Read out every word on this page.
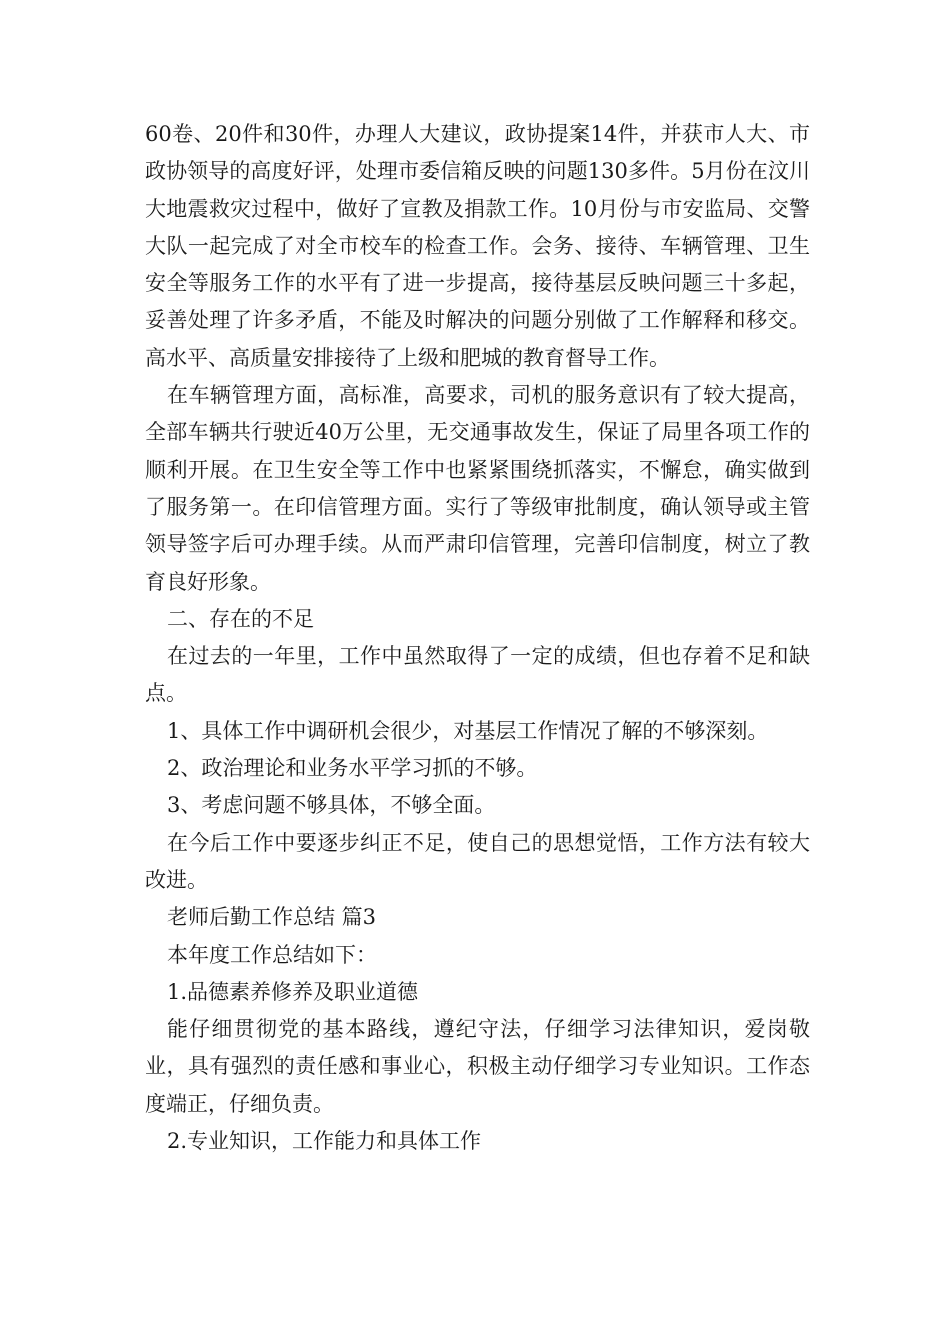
60卷、20件和30件，办理人大建议，政协提案14件，并获市人大、市政协领导的高度好评，处理市委信箱反映的问题130多件。5月份在汶川大地震救灾过程中，做好了宣教及捐款工作。10月份与市安监局、交警大队一起完成了对全市校车的检查工作。会务、接待、车辆管理、卫生安全等服务工作的水平有了进一步提高，接待基层反映问题三十多起，妥善处理了许多矛盾，不能及时解决的问题分别做了工作解释和移交。高水平、高质量安排接待了上级和肥城的教育督导工作。

在车辆管理方面，高标准，高要求，司机的服务意识有了较大提高，全部车辆共行驶近40万公里，无交通事故发生，保证了局里各项工作的顺利开展。在卫生安全等工作中也紧紧围绕抓落实，不懈怠，确实做到了服务第一。在印信管理方面。实行了等级审批制度，确认领导或主管领导签字后可办理手续。从而严肃印信管理，完善印信制度，树立了教育良好形象。

二、存在的不足

在过去的一年里，工作中虽然取得了一定的成绩，但也存着不足和缺点。

1、具体工作中调研机会很少，对基层工作情况了解的不够深刻。

2、政治理论和业务水平学习抓的不够。

3、考虑问题不够具体，不够全面。

在今后工作中要逐步纠正不足，使自己的思想觉悟，工作方法有较大改进。

老师后勤工作总结 篇3

本年度工作总结如下：

1.品德素养修养及职业道德

能仔细贯彻党的基本路线，遵纪守法，仔细学习法律知识，爱岗敬业，具有强烈的责任感和事业心，积极主动仔细学习专业知识。工作态度端正，仔细负责。

2.专业知识，工作能力和具体工作
